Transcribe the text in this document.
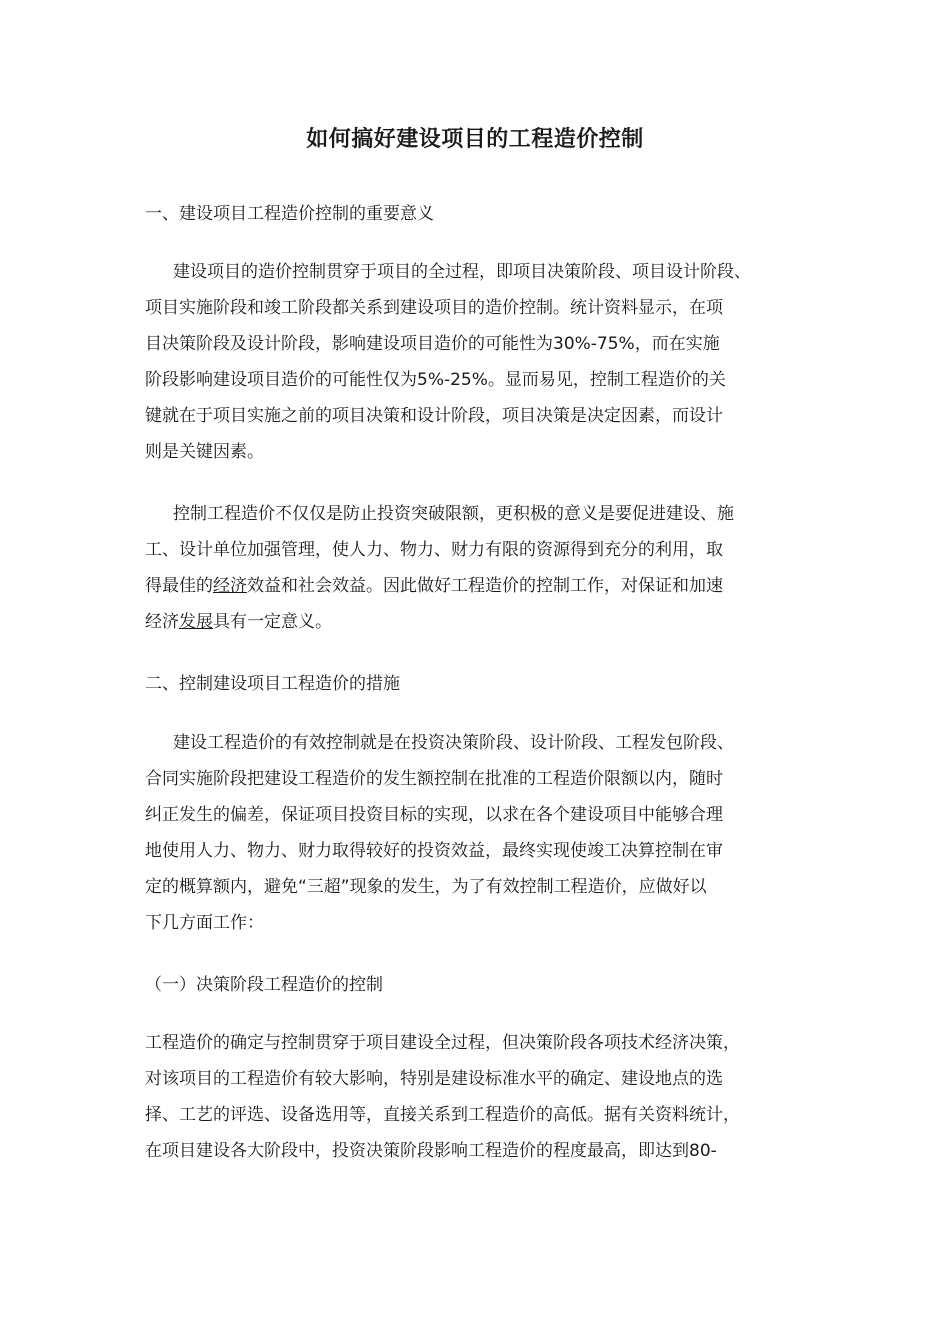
如何搞好建设项目的工程造价控制
一、建设项目工程造价控制的重要意义
建设项目的造价控制贯穿于项目的全过程，即项目决策阶段、项目设计阶段、
项目实施阶段和竣工阶段都关系到建设项目的造价控制。统计资料显示，在项
目决策阶段及设计阶段，影响建设项目造价的可能性为30%-75%，而在实施
阶段影响建设项目造价的可能性仅为5%-25%。显而易见，控制工程造价的关
键就在于项目实施之前的项目决策和设计阶段，项目决策是决定因素，而设计
则是关键因素。
控制工程造价不仅仅是防止投资突破限额，更积极的意义是要促进建设、施
工、设计单位加强管理，使人力、物力、财力有限的资源得到充分的利用，取
得最佳的经济效益和社会效益。因此做好工程造价的控制工作，对保证和加速
经济发展具有一定意义。
二、控制建设项目工程造价的措施
建设工程造价的有效控制就是在投资决策阶段、设计阶段、工程发包阶段、
合同实施阶段把建设工程造价的发生额控制在批准的工程造价限额以内，随时
纠正发生的偏差，保证项目投资目标的实现，以求在各个建设项目中能够合理
地使用人力、物力、财力取得较好的投资效益，最终实现使竣工决算控制在审
定的概算额内，避免“三超”现象的发生，为了有效控制工程造价，应做好以
下几方面工作：
（一）决策阶段工程造价的控制
工程造价的确定与控制贯穿于项目建设全过程，但决策阶段各项技术经济决策，
对该项目的工程造价有较大影响，特别是建设标准水平的确定、建设地点的选
择、工艺的评选、设备选用等，直接关系到工程造价的高低。据有关资料统计，
在项目建设各大阶段中，投资决策阶段影响工程造价的程度最高，即达到80-
